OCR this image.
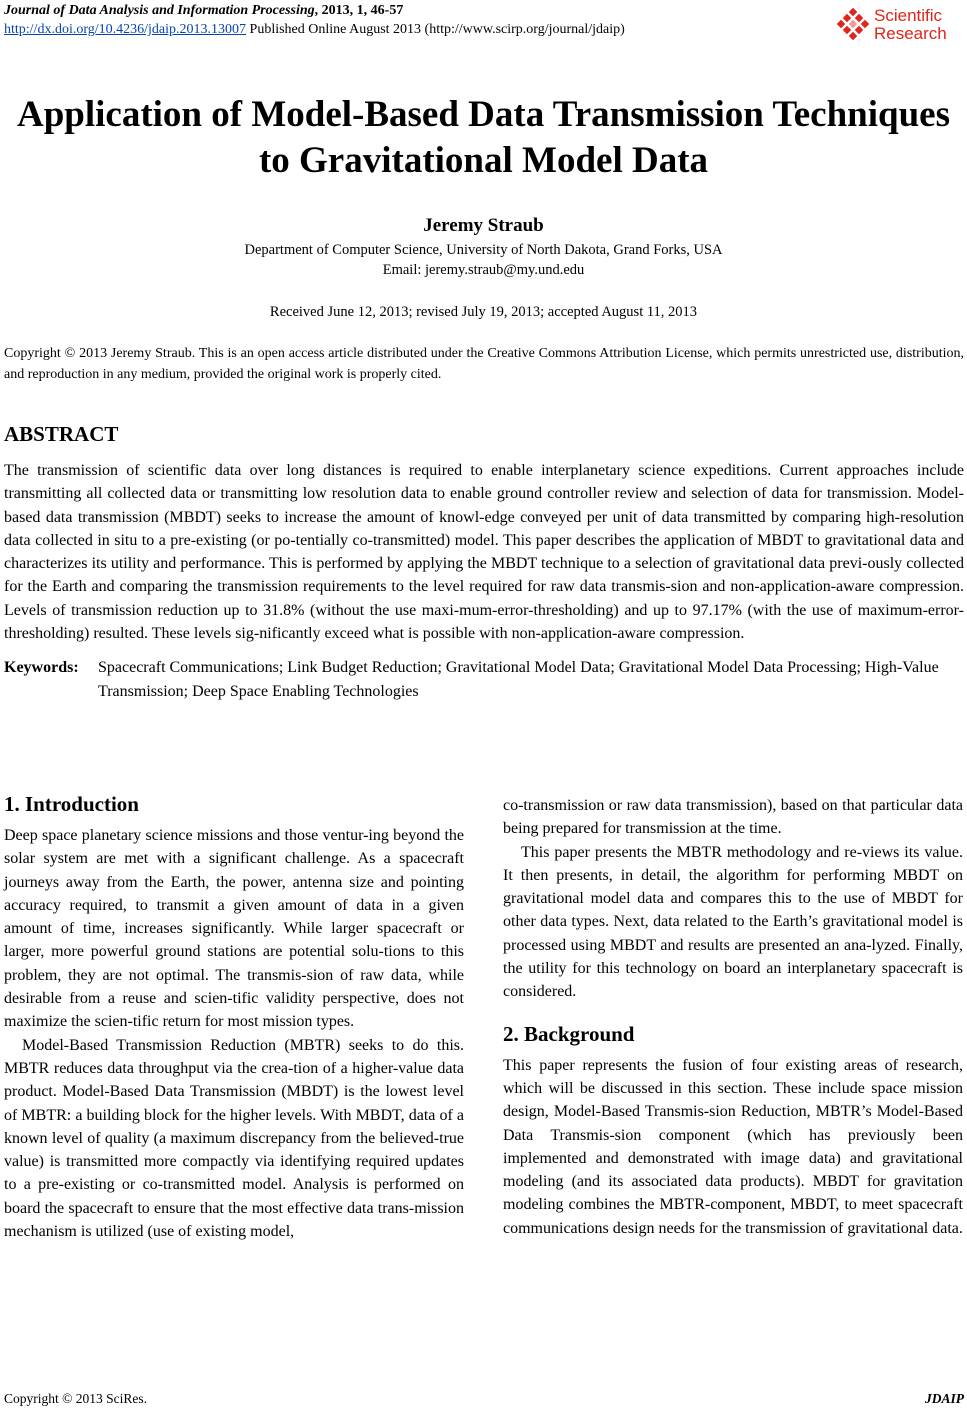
Journal of Data Analysis and Information Processing, 2013, 1, 46-57
http://dx.doi.org/10.4236/jdaip.2013.13007 Published Online August 2013 (http://www.scirp.org/journal/jdaip)
Scientific
Research
Application of Model-Based Data Transmission Techniques
to Gravitational Model Data
Jeremy Straub
Department of Computer Science, University of North Dakota, Grand Forks, USA
Email: jeremy.straub@my.und.edu
Received June 12, 2013; revised July 19, 2013; accepted August 11, 2013
Copyright © 2013 Jeremy Straub. This is an open access article distributed under the Creative Commons Attribution License, which permits unrestricted use, distribution, and reproduction in any medium, provided the original work is properly cited.
ABSTRACT
The transmission of scientific data over long distances is required to enable interplanetary science expeditions. Current approaches include transmitting all collected data or transmitting low resolution data to enable ground controller review and selection of data for transmission. Model-based data transmission (MBDT) seeks to increase the amount of knowl-edge conveyed per unit of data transmitted by comparing high-resolution data collected in situ to a pre-existing (or po-tentially co-transmitted) model. This paper describes the application of MBDT to gravitational data and characterizes its utility and performance. This is performed by applying the MBDT technique to a selection of gravitational data previ-ously collected for the Earth and comparing the transmission requirements to the level required for raw data transmis-sion and non-application-aware compression. Levels of transmission reduction up to 31.8% (without the use maxi-mum-error-thresholding) and up to 97.17% (with the use of maximum-error-thresholding) resulted. These levels sig-nificantly exceed what is possible with non-application-aware compression.
Keywords:	Spacecraft Communications; Link Budget Reduction; Gravitational Model Data; Gravitational Model Data Processing; High-Value Transmission; Deep Space Enabling Technologies
1. Introduction
Deep space planetary science missions and those ventur-ing beyond the solar system are met with a significant challenge. As a spacecraft journeys away from the Earth, the power, antenna size and pointing accuracy required, to transmit a given amount of data in a given amount of time, increases significantly. While larger spacecraft or larger, more powerful ground stations are potential solu-tions to this problem, they are not optimal. The transmis-sion of raw data, while desirable from a reuse and scien-tific validity perspective, does not maximize the scien-tific return for most mission types.
Model-Based Transmission Reduction (MBTR) seeks to do this. MBTR reduces data throughput via the crea-tion of a higher-value data product. Model-Based Data Transmission (MBDT) is the lowest level of MBTR: a building block for the higher levels. With MBDT, data of a known level of quality (a maximum discrepancy from the believed-true value) is transmitted more compactly via identifying required updates to a pre-existing or co-transmitted model. Analysis is performed on board the spacecraft to ensure that the most effective data trans-mission mechanism is utilized (use of existing model,
co-transmission or raw data transmission), based on that particular data being prepared for transmission at the time.
This paper presents the MBTR methodology and re-views its value. It then presents, in detail, the algorithm for performing MBDT on gravitational model data and compares this to the use of MBDT for other data types. Next, data related to the Earth’s gravitational model is processed using MBDT and results are presented an ana-lyzed. Finally, the utility for this technology on board an interplanetary spacecraft is considered.
2. Background
This paper represents the fusion of four existing areas of research, which will be discussed in this section. These include space mission design, Model-Based Transmis-sion Reduction, MBTR’s Model-Based Data Transmis-sion component (which has previously been implemented and demonstrated with image data) and gravitational modeling (and its associated data products). MBDT for gravitation modeling combines the MBTR-component, MBDT, to meet spacecraft communications design needs for the transmission of gravitational data.
Copyright © 2013 SciRes.	JDAIP
